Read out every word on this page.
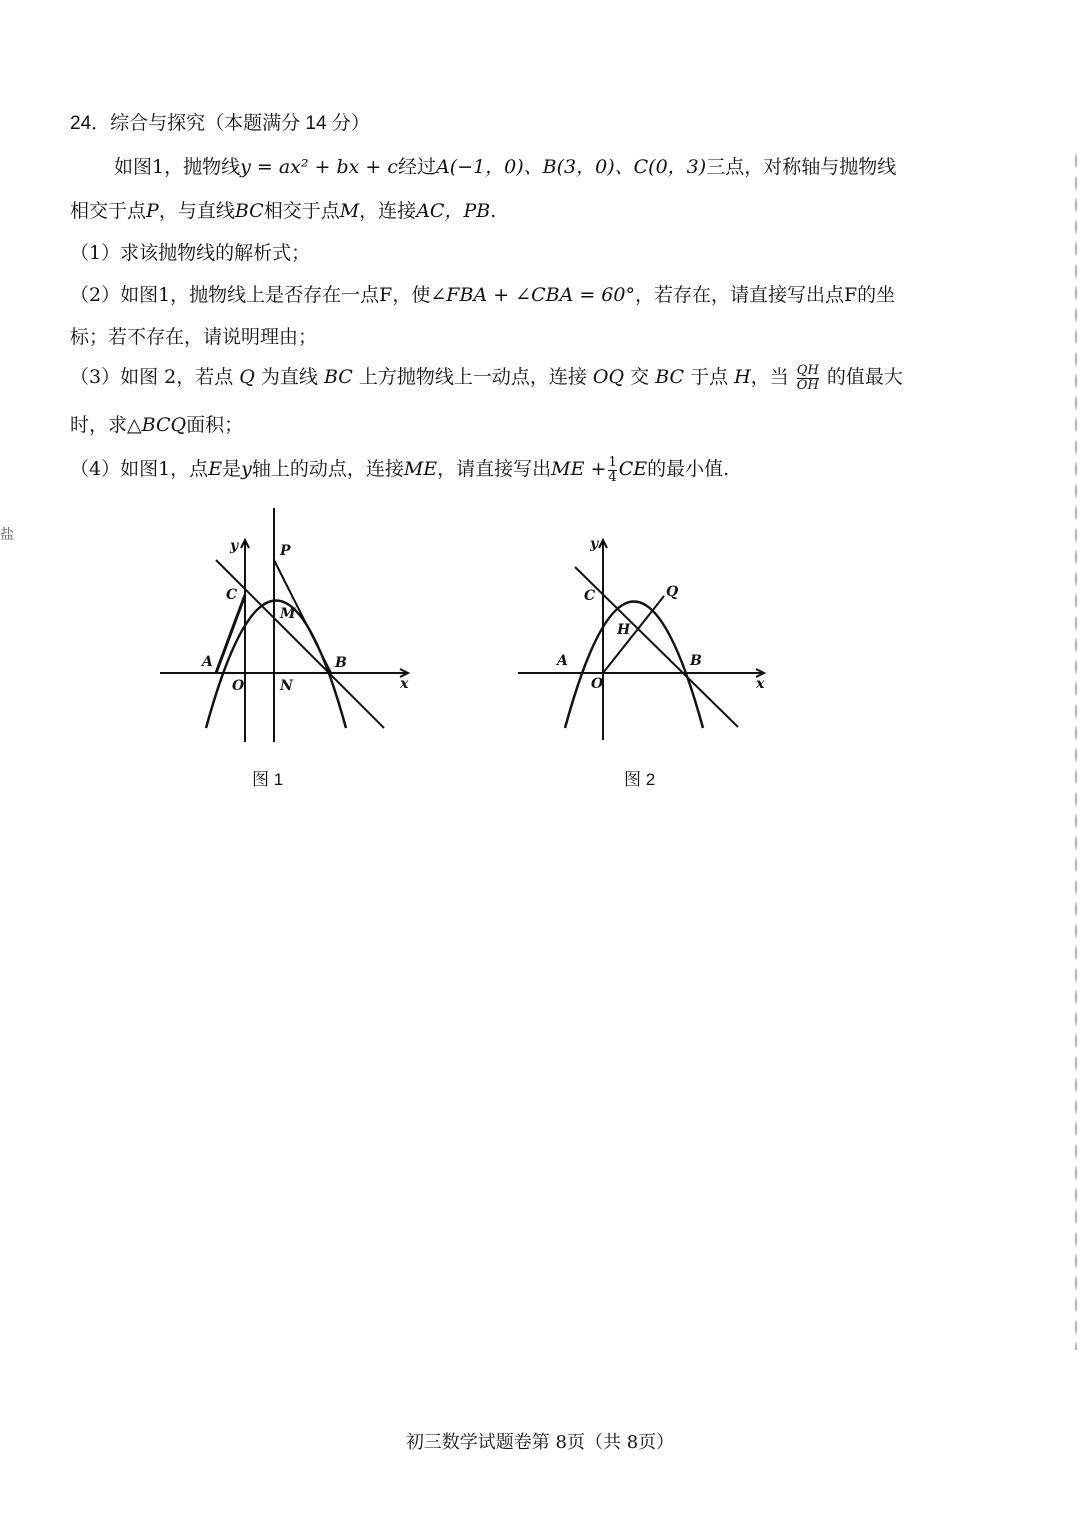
盐
24．综合与探究（本题满分 14 分）
如图1，抛物线y = ax² + bx + c经过A(−1，0)、B(3，0)、C(0，3)三点，对称轴与抛物线
相交于点P，与直线BC相交于点M，连接AC，PB.
（1）求该抛物线的解析式；
（2）如图1，抛物线上是否存在一点F，使∠FBA + ∠CBA = 60°，若存在，请直接写出点F的坐
标；若不存在，请说明理由；
（3）如图 2，若点 Q 为直线 BC 上方抛物线上一动点，连接 OQ 交 BC 于点 H，当 $\frac{QH}{OH}$ 的值最大
时，求△BCQ面积；
（4）如图1，点E是y轴上的动点，连接ME，请直接写出ME + $\frac{1}{4}$ CE的最小值.
y	P
C
M
A	B
O	N	x
图 1
y
C	Q
H
A	B
O	x
图 2
初三数学试题卷第 8页（共 8页）
